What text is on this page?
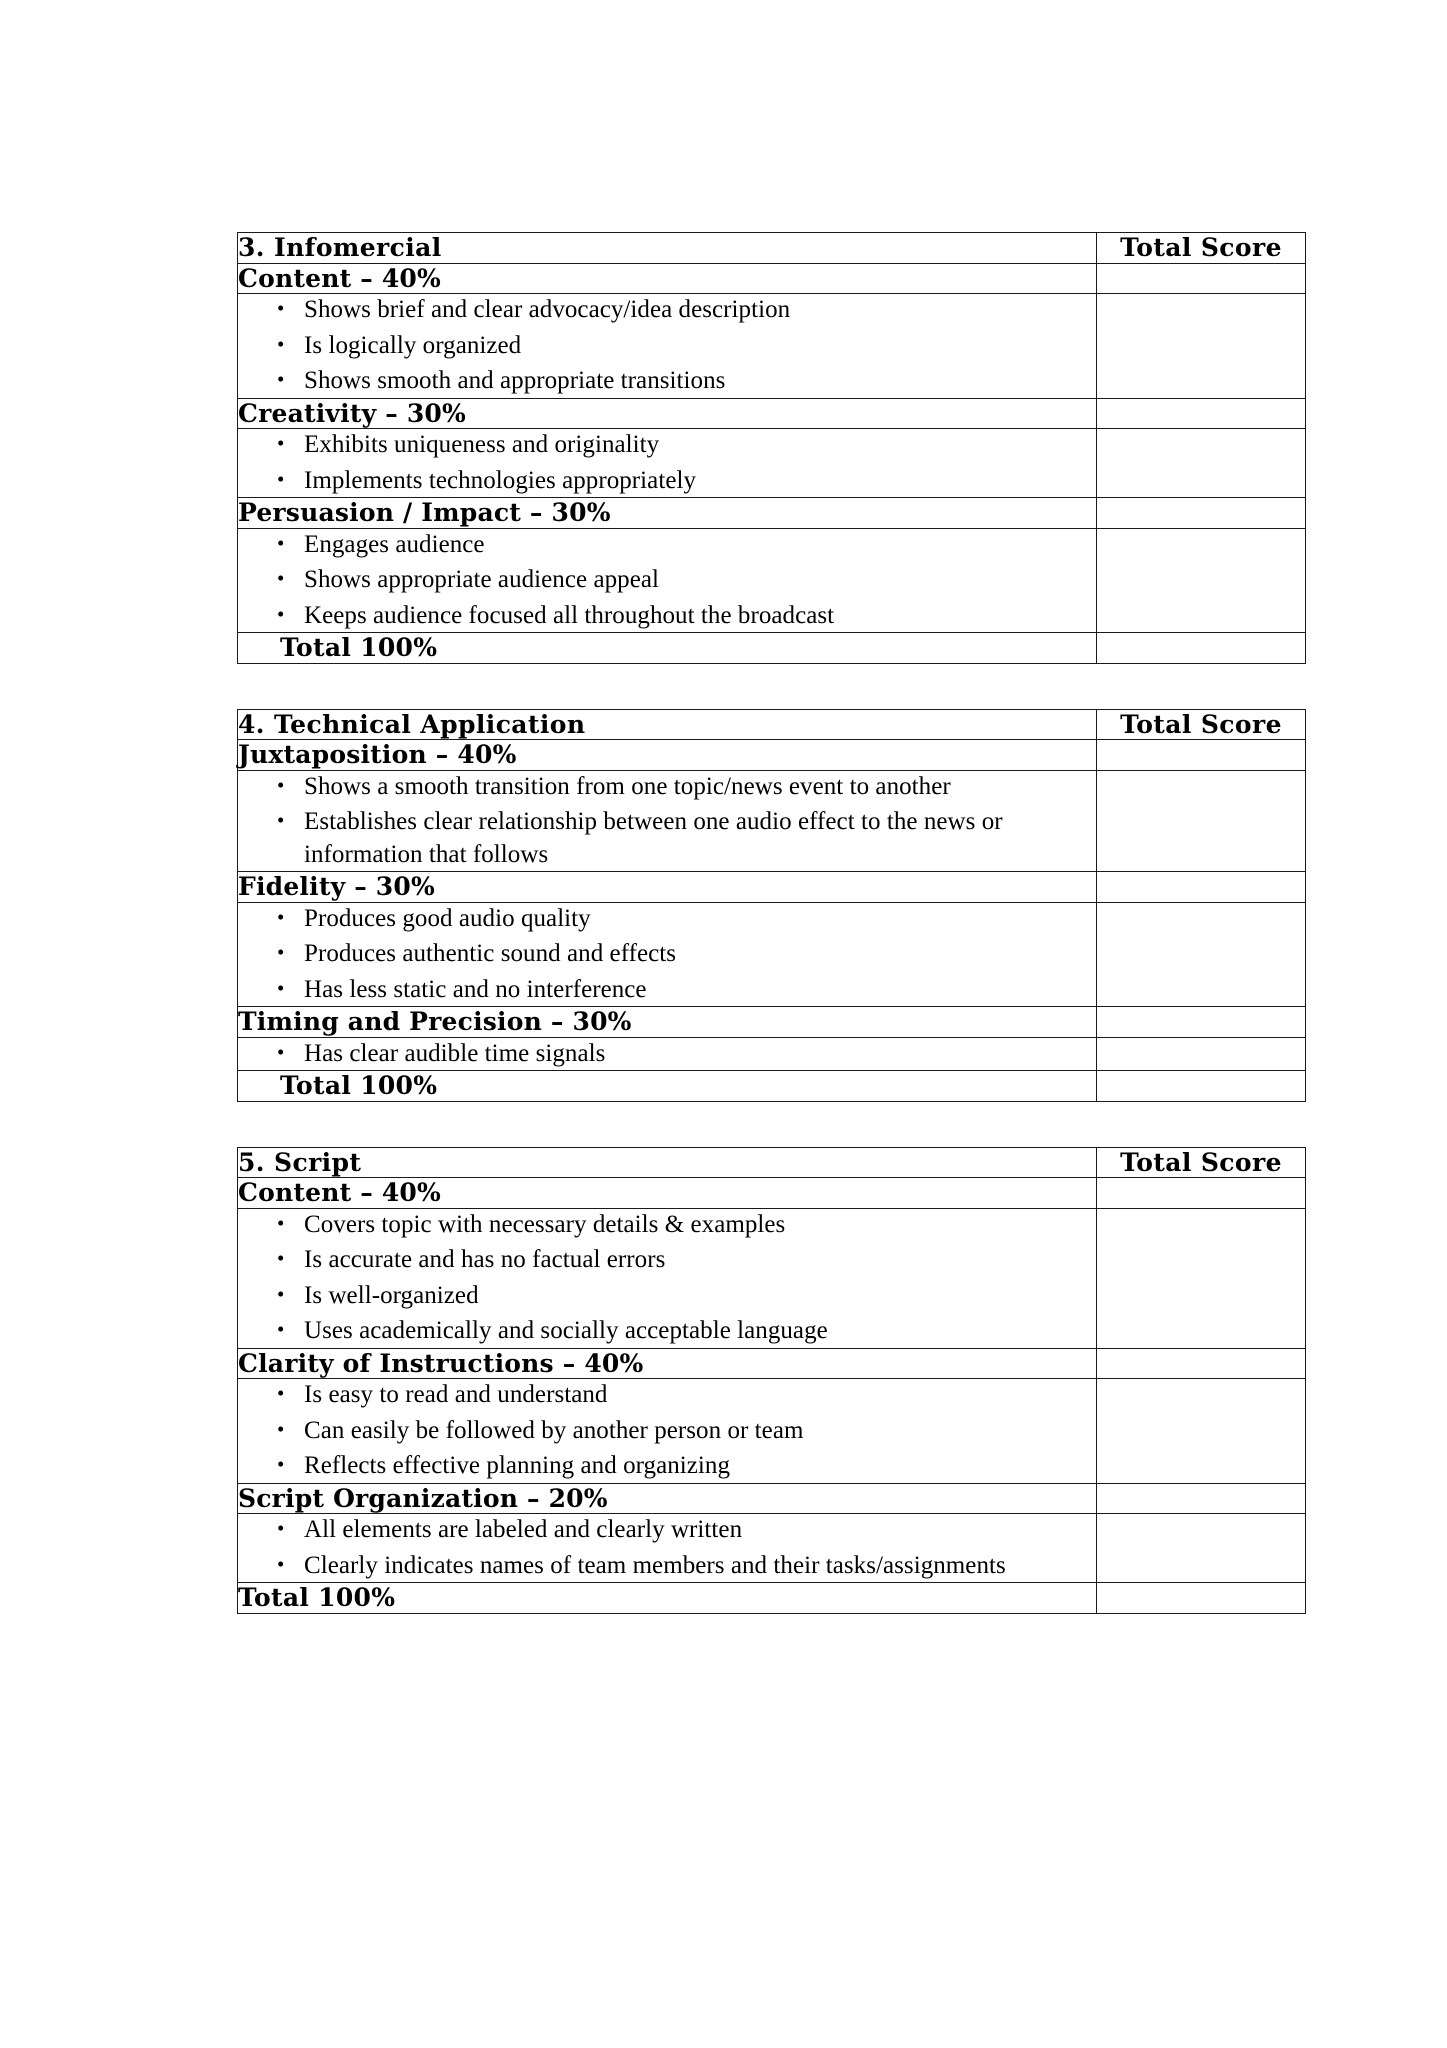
3. Infomercial	Total Score
Content – 40%	

• Shows brief and clear advocacy/idea description
• Is logically organized
• Shows smooth and appropriate transitions

Creativity – 30%	

• Exhibits uniqueness and originality
• Implements technologies appropriately

Persuasion / Impact – 30%	

• Engages audience
• Shows appropriate audience appeal
• Keeps audience focused all throughout the broadcast

Total 100%	
4. Technical Application	Total Score
Juxtaposition – 40%	

• Shows a smooth transition from one topic/news event to another
• Establishes clear relationship between one audio effect to the news or information that follows

Fidelity – 30%	

• Produces good audio quality
• Produces authentic sound and effects
• Has less static and no interference

Timing and Precision – 30%	

• Has clear audible time signals

Total 100%	
5. Script	Total Score
Content – 40%	

• Covers topic with necessary details & examples
• Is accurate and has no factual errors
• Is well-organized
• Uses academically and socially acceptable language

Clarity of Instructions – 40%	

• Is easy to read and understand
• Can easily be followed by another person or team
• Reflects effective planning and organizing

Script Organization – 20%	

• All elements are labeled and clearly written
• Clearly indicates names of team members and their tasks/assignments

Total 100%	
